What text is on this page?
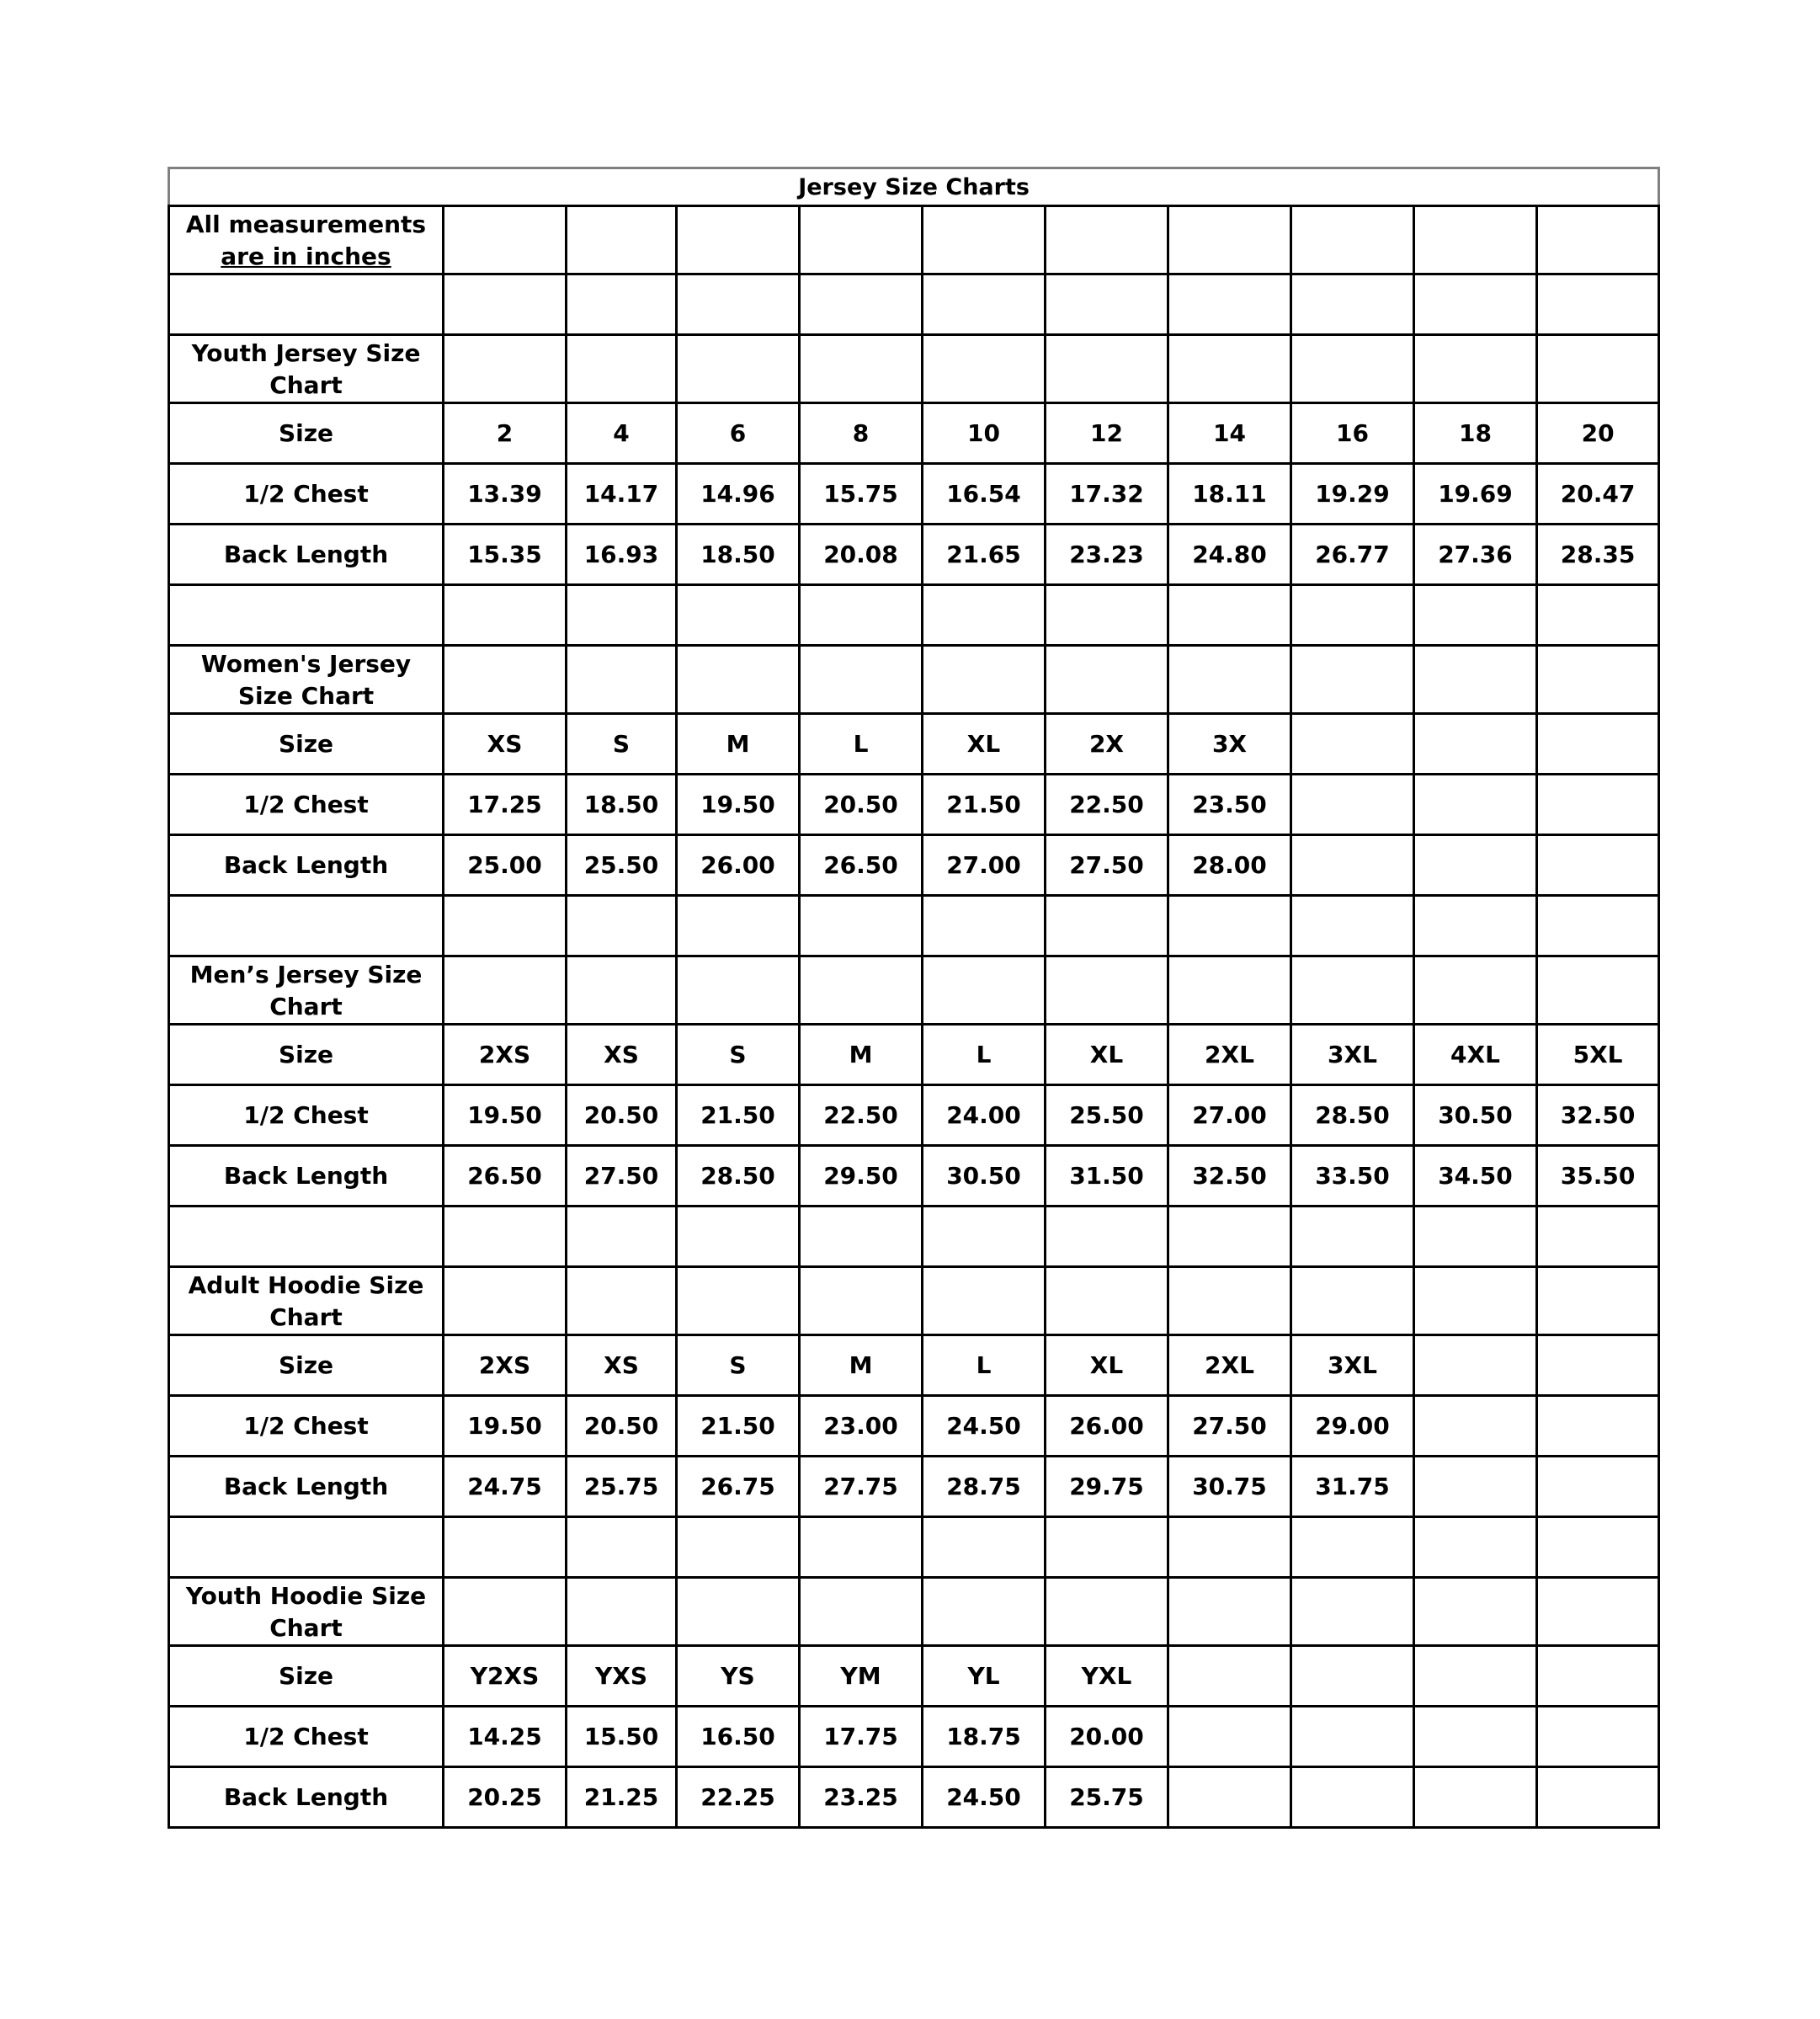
Jersey Size Charts										

All measurements
are in inches										

Youth Jersey Size
Chart										

Size	2	4	6	8	10	12	14	16	18	20
1/2 Chest	13.39	14.17	14.96	15.75	16.54	17.32	18.11	19.29	19.69	20.47
Back Length	15.35	16.93	18.50	20.08	21.65	23.23	24.80	26.77	27.36	28.35

Women's Jersey
Size Chart										

Size	XS	S	M	L	XL	2X	3X			
1/2 Chest	17.25	18.50	19.50	20.50	21.50	22.50	23.50			
Back Length	25.00	25.50	26.00	26.50	27.00	27.50	28.00			

Men’s Jersey Size
Chart										

Size	2XS	XS	S	M	L	XL	2XL	3XL	4XL	5XL
1/2 Chest	19.50	20.50	21.50	22.50	24.00	25.50	27.00	28.50	30.50	32.50
Back Length	26.50	27.50	28.50	29.50	30.50	31.50	32.50	33.50	34.50	35.50

Adult Hoodie Size
Chart										

Size	2XS	XS	S	M	L	XL	2XL	3XL		
1/2 Chest	19.50	20.50	21.50	23.00	24.50	26.00	27.50	29.00		
Back Length	24.75	25.75	26.75	27.75	28.75	29.75	30.75	31.75		

Youth Hoodie Size
Chart										

Size	Y2XS	YXS	YS	YM	YL	YXL				
1/2 Chest	14.25	15.50	16.50	17.75	18.75	20.00				
Back Length	20.25	21.25	22.25	23.25	24.50	25.75				
